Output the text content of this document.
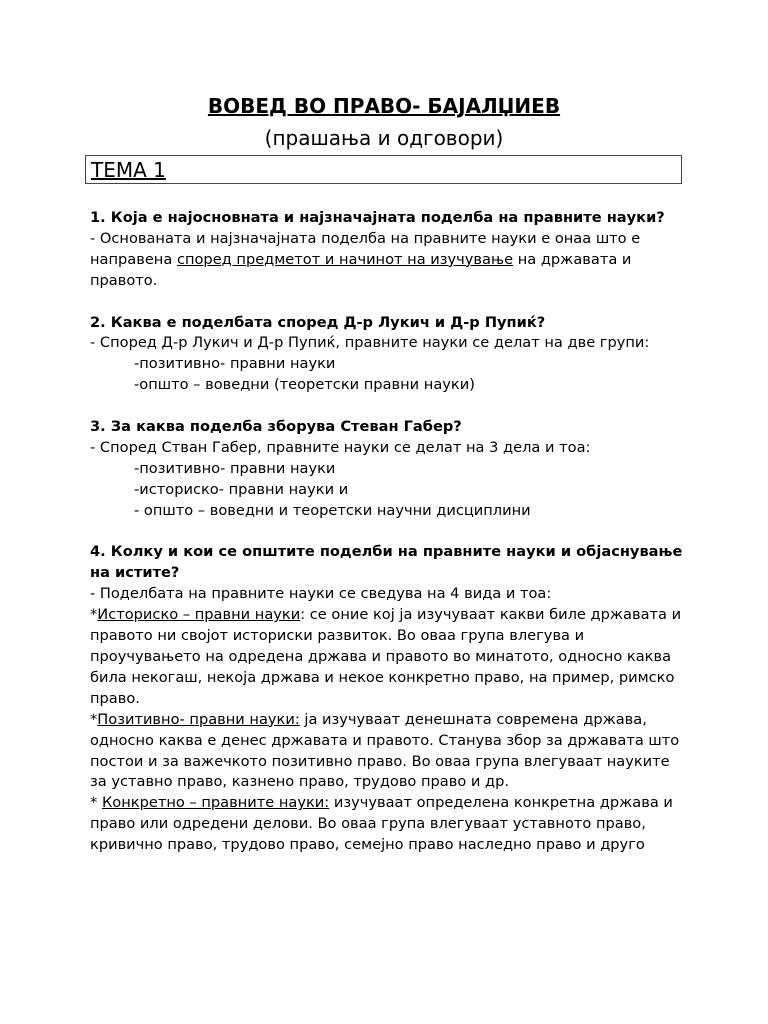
ВОВЕД ВО ПРАВО- БАЈАЛЏИЕВ
(прашања и одговори)
ТЕМА 1

1. Која е најосновната и најзначајната поделба на правните науки?

- Основаната и најзначајната поделба на правните науки е онаа што е направена според предметот и начинот на изучување на државата и правото.

2. Каква е поделбата според Д-р Лукич и Д-р Пупиќ?

- Според Д-р Лукич и Д-р Пупиќ, правните науки се делат на две групи:

-позитивно- правни науки

-општо – воведни (теоретски правни науки)

3. За каква поделба зборува Стеван Габер?

- Според Стван Габер, правните науки се делат на 3 дела и тоа:

-позитивно- правни науки

-историско- правни науки и

- општо – воведни и теоретски научни дисциплини

4. Колку и кои се општите поделби на правните науки и објаснување на истите?

- Поделбата на правните науки се сведува на 4 вида и тоа:

*Историско – правни науки: се оние кој ја изучуваат какви биле државата и правото ни својот историски развиток. Во оваа група влегува и проучувањето на одредена држава и правото во минатото, односно каква била некогаш, некоја држава и некое конкретно право, на пример, римско право.

*Позитивно- правни науки: ја изучуваат денешната современа држава, односно каква е денес државата и правото. Станува збор за државата што постои и за важечкото позитивно право. Во оваа група влегуваат науките за уставно право, казнено право, трудово право и др.

* Конкретно – правните науки: изучуваат определена конкретна држава и право или одредени делови. Во оваа група влегуваат уставното право, кривично право, трудово право, семејно право наследно право и друго
